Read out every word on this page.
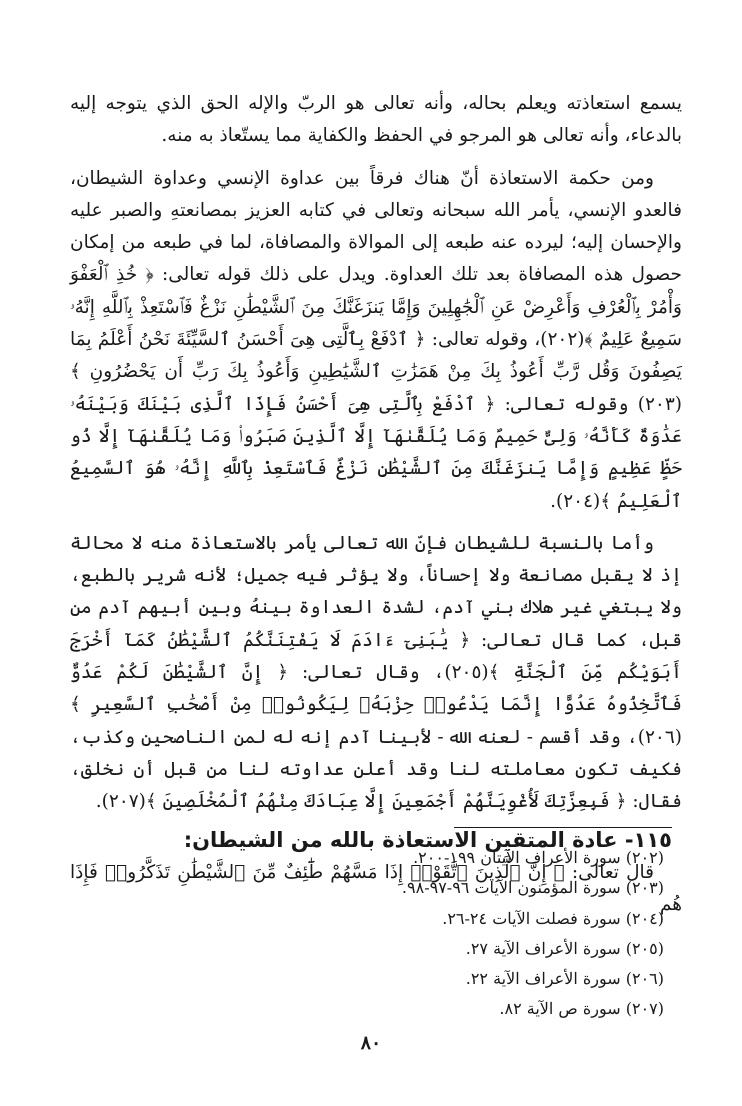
يسمع استعاذته ويعلم بحاله، وأنه تعالى هو الربّ والإله الحق الذي يتوجه إليه بالدعاء، وأنه تعالى هو المرجو في الحفظ والكفاية مما يستّعاذ به منه.

ومن حكمة الاستعاذة أنّ هناك فرقاً بين عداوة الإنسي وعداوة الشيطان، فالعدو الإنسي، يأمر الله سبحانه وتعالى في كتابه العزيز بمصانعتهِ والصبر عليه والإحسان إليه؛ ليرده عنه طبعه إلى الموالاة والمصافاة، لما في طبعه من إمكان حصول هذه المصافاة بعد تلك العداوة. ويدل على ذلك قوله تعالى: ﴿ خُذِ ٱلْعَفْوَ وَأْمُرْ بِٱلْعُرْفِ وَأَعْرِضْ عَنِ ٱلْجَٰهِلِينَ وَإِمَّا يَنزَغَنَّكَ مِنَ ٱلشَّيْطَٰنِ نَزْغٌ فَٱسْتَعِذْ بِٱللَّهِ إِنَّهُۥ سَمِيعٌ عَلِيمٌ ﴾(٢٠٢)، وقوله تعالى: ﴿ ٱدْفَعْ بِٱلَّتِى هِىَ أَحْسَنُ ٱلسَّيِّئَةَ نَحْنُ أَعْلَمُ بِمَا يَصِفُونَ وَقُل رَّبِّ أَعُوذُ بِكَ مِنْ هَمَزَٰتِ ٱلشَّيَٰطِينِ وَأَعُوذُ بِكَ رَبِّ أَن يَحْضُرُونِ ﴾(٢٠٣) وقوله تعالى: ﴿ ٱدْفَعْ بِٱلَّتِى هِىَ أَحْسَنُ فَإِذَا ٱلَّذِى بَيْنَكَ وَبَيْنَهُۥ عَدَٰوَةٌ كَأَنَّهُۥ وَلِىٌّ حَمِيمٌ وَمَا يُلَقَّىٰهَآ إِلَّا ٱلَّذِينَ صَبَرُوا۟ وَمَا يُلَقَّىٰهَآ إِلَّا ذُو حَظٍّ عَظِيمٍ وَإِمَّا يَنزَغَنَّكَ مِنَ ٱلشَّيْطَٰنِ نَزْغٌ فَٱسْتَعِذْ بِٱللَّهِ إِنَّهُۥ هُوَ ٱلسَّمِيعُ ٱلْعَلِيمُ ﴾(٢٠٤).

وأما بالنسبة للشيطان فإنّ الله تعالى يأمر بالاستعاذة منه لا محالة إذ لا يقبل مصانعة ولا إحساناً، ولا يؤثر فيه جميل؛ لأنه شرير بالطبع، ولا يبتغي غير هلاك بني آدم، لشدة العداوة بينهُ وبين أبيهم آدم من قبل، كما قال تعالى: ﴿ يَٰبَنِىٓ ءَادَمَ لَا يَفْتِنَنَّكُمُ ٱلشَّيْطَٰنُ كَمَآ أَخْرَجَ أَبَوَيْكُم مِّنَ ٱلْجَنَّةِ ﴾(٢٠٥)، وقال تعالى: ﴿ إِنَّ ٱلشَّيْطَٰنَ لَكُمْ عَدُوٌّ فَٱتَّخِذُوهُ عَدُوًّا إِنَّمَا يَدْعُوا۟ حِزْبَهُۥ لِيَكُونُوا۟ مِنْ أَصْحَٰبِ ٱلسَّعِيرِ ﴾(٢٠٦)، وقد أقسم - لعنه الله - لأبينا آدم إنه له لمن الناصحين وكذب، فكيف تكون معاملته لنا وقد أعلن عداوته لنا من قبل أن نخلق، فقال: ﴿ فَبِعِزَّتِكَ لَأُغْوِيَنَّهُمْ أَجْمَعِينَ إِلَّا عِبَادَكَ مِنْهُمُ ٱلْمُخْلَصِينَ ﴾(٢٠٧).

١١٥- عادة المتقين الاستعاذة بالله من الشيطان:

قال تعالى: ﴿ إِنَّ ٱلَّذِينَ ٱتَّقَوْا۟ إِذَا مَسَّهُمْ طَٰٓئِفٌ مِّنَ ٱلشَّيْطَٰنِ تَذَكَّرُوا۟ فَإِذَا هُم

(٢٠٢) سورة الأعراف الآيتان ١٩٩-٢٠٠.

(٢٠٣) سورة المؤمنون الآيات ٩٦-٩٧-٩٨.

(٢٠٤) سورة فصلت الآيات ٢٤-٢٦.

(٢٠٥) سورة الأعراف الآية ٢٧.

(٢٠٦) سورة الأعراف الآية ٢٢.

(٢٠٧) سورة ص الآية ٨٢.

٨٠
